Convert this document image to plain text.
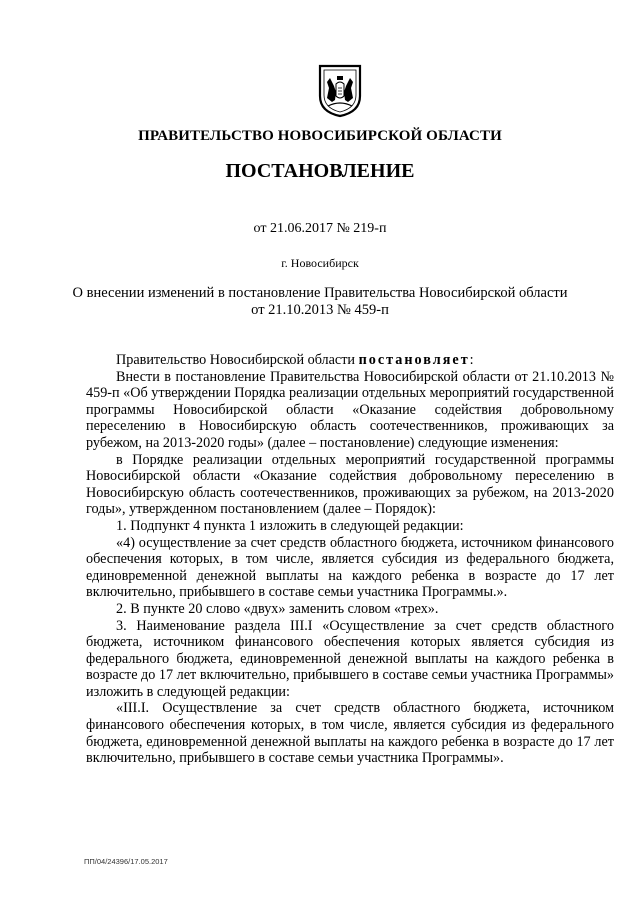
ПРАВИТЕЛЬСТВО НОВОСИБИРСКОЙ ОБЛАСТИ
ПОСТАНОВЛЕНИЕ
от 21.06.2017 № 219-п
г. Новосибирск
О внесении изменений в постановление Правительства Новосибирской области
от 21.10.2013 № 459-п

Правительство Новосибирской области постановляет:

Внести в постановление Правительства Новосибирской области от 21.10.2013 № 459-п «Об утверждении Порядка реализации отдельных мероприятий государственной программы Новосибирской области «Оказание содействия добровольному переселению в Новосибирскую область соотечественников, проживающих за рубежом, на 2013-2020 годы» (далее – постановление) следующие изменения:

в Порядке реализации отдельных мероприятий государственной программы Новосибирской области «Оказание содействия добровольному переселению в Новосибирскую область соотечественников, проживающих за рубежом, на 2013-2020 годы», утвержденном постановлением (далее – Порядок):

1. Подпункт 4 пункта 1 изложить в следующей редакции:

«4) осуществление за счет средств областного бюджета, источником финансового обеспечения которых, в том числе, является субсидия из федерального бюджета, единовременной денежной выплаты на каждого ребенка в возрасте до 17 лет включительно, прибывшего в составе семьи участника Программы.».

2. В пункте 20 слово «двух» заменить словом «трех».

3. Наименование раздела III.I «Осуществление за счет средств областного бюджета, источником финансового обеспечения которых является субсидия из федерального бюджета, единовременной денежной выплаты на каждого ребенка в возрасте до 17 лет включительно, прибывшего в составе семьи участника Программы» изложить в следующей редакции:

«III.I. Осуществление за счет средств областного бюджета, источником финансового обеспечения которых, в том числе, является субсидия из федерального бюджета, единовременной денежной выплаты на каждого ребенка в возрасте до 17 лет включительно, прибывшего в составе семьи участника Программы».

ПП/04/24396/17.05.2017
